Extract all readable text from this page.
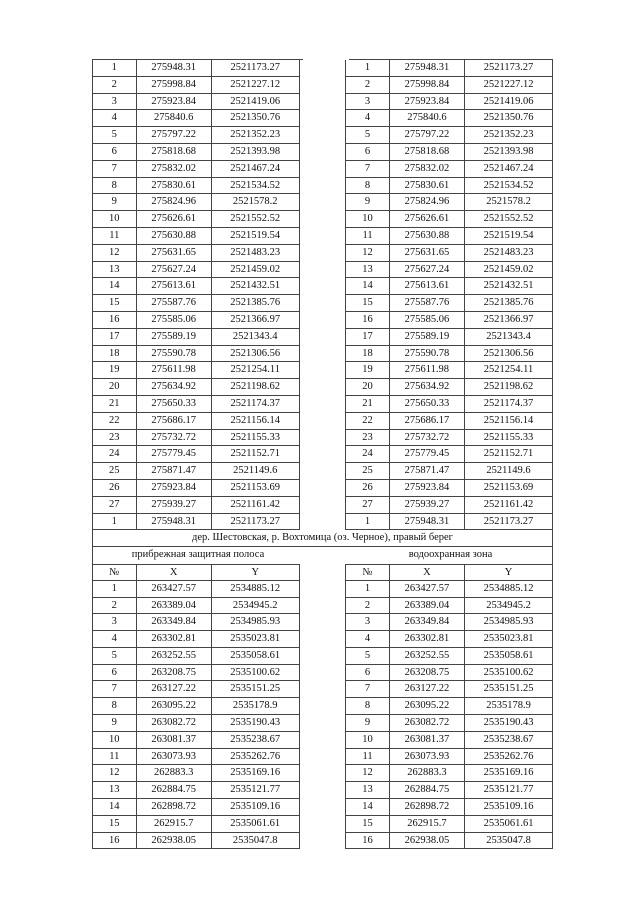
1	275948.31	2521173.27	1	275948.31	2521173.27
2	275998.84	2521227.12	2	275998.84	2521227.12
3	275923.84	2521419.06	3	275923.84	2521419.06
4	275840.6	2521350.76	4	275840.6	2521350.76
5	275797.22	2521352.23	5	275797.22	2521352.23
6	275818.68	2521393.98	6	275818.68	2521393.98
7	275832.02	2521467.24	7	275832.02	2521467.24
8	275830.61	2521534.52	8	275830.61	2521534.52
9	275824.96	2521578.2	9	275824.96	2521578.2
10	275626.61	2521552.52	10	275626.61	2521552.52
11	275630.88	2521519.54	11	275630.88	2521519.54
12	275631.65	2521483.23	12	275631.65	2521483.23
13	275627.24	2521459.02	13	275627.24	2521459.02
14	275613.61	2521432.51	14	275613.61	2521432.51
15	275587.76	2521385.76	15	275587.76	2521385.76
16	275585.06	2521366.97	16	275585.06	2521366.97
17	275589.19	2521343.4	17	275589.19	2521343.4
18	275590.78	2521306.56	18	275590.78	2521306.56
19	275611.98	2521254.11	19	275611.98	2521254.11
20	275634.92	2521198.62	20	275634.92	2521198.62
21	275650.33	2521174.37	21	275650.33	2521174.37
22	275686.17	2521156.14	22	275686.17	2521156.14
23	275732.72	2521155.33	23	275732.72	2521155.33
24	275779.45	2521152.71	24	275779.45	2521152.71
25	275871.47	2521149.6	25	275871.47	2521149.6
26	275923.84	2521153.69	26	275923.84	2521153.69
27	275939.27	2521161.42	27	275939.27	2521161.42
1	275948.31	2521173.27	1	275948.31	2521173.27
дер. Шестовская, р. Вохтомица (оз. Черное), правый берег
прибрежная защитная полоса	водоохранная зона
№	X	Y	№	X	Y
1	263427.57	2534885.12	1	263427.57	2534885.12
2	263389.04	2534945.2	2	263389.04	2534945.2
3	263349.84	2534985.93	3	263349.84	2534985.93
4	263302.81	2535023.81	4	263302.81	2535023.81
5	263252.55	2535058.61	5	263252.55	2535058.61
6	263208.75	2535100.62	6	263208.75	2535100.62
7	263127.22	2535151.25	7	263127.22	2535151.25
8	263095.22	2535178.9	8	263095.22	2535178.9
9	263082.72	2535190.43	9	263082.72	2535190.43
10	263081.37	2535238.67	10	263081.37	2535238.67
11	263073.93	2535262.76	11	263073.93	2535262.76
12	262883.3	2535169.16	12	262883.3	2535169.16
13	262884.75	2535121.77	13	262884.75	2535121.77
14	262898.72	2535109.16	14	262898.72	2535109.16
15	262915.7	2535061.61	15	262915.7	2535061.61
16	262938.05	2535047.8	16	262938.05	2535047.8
